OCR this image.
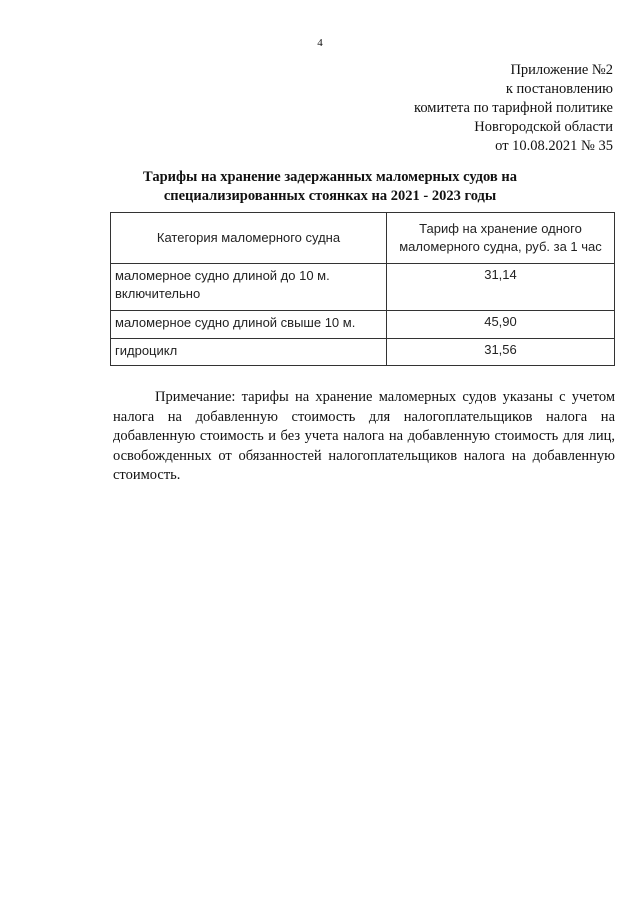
4
Приложение №2
к постановлению
комитета по тарифной политике
Новгородской области
от 10.08.2021 № 35
Тарифы на хранение задержанных маломерных судов на
специализированных стоянках на 2021 - 2023 годы
Категория маломерного судна	Тариф на хранение одного
маломерного судна, руб. за 1 час

маломерное судно длиной до 10 м.
включительно	31,14

маломерное судно длиной свыше 10 м.	45,90

гидроцикл	31,56
Примечание: тарифы на хранение маломерных судов указаны с учетом налога на добавленную стоимость для налогоплательщиков налога на добавленную стоимость и без учета налога на добавленную стоимость для лиц, освобожденных от обязанностей налогоплательщиков налога на добавленную стоимость.
